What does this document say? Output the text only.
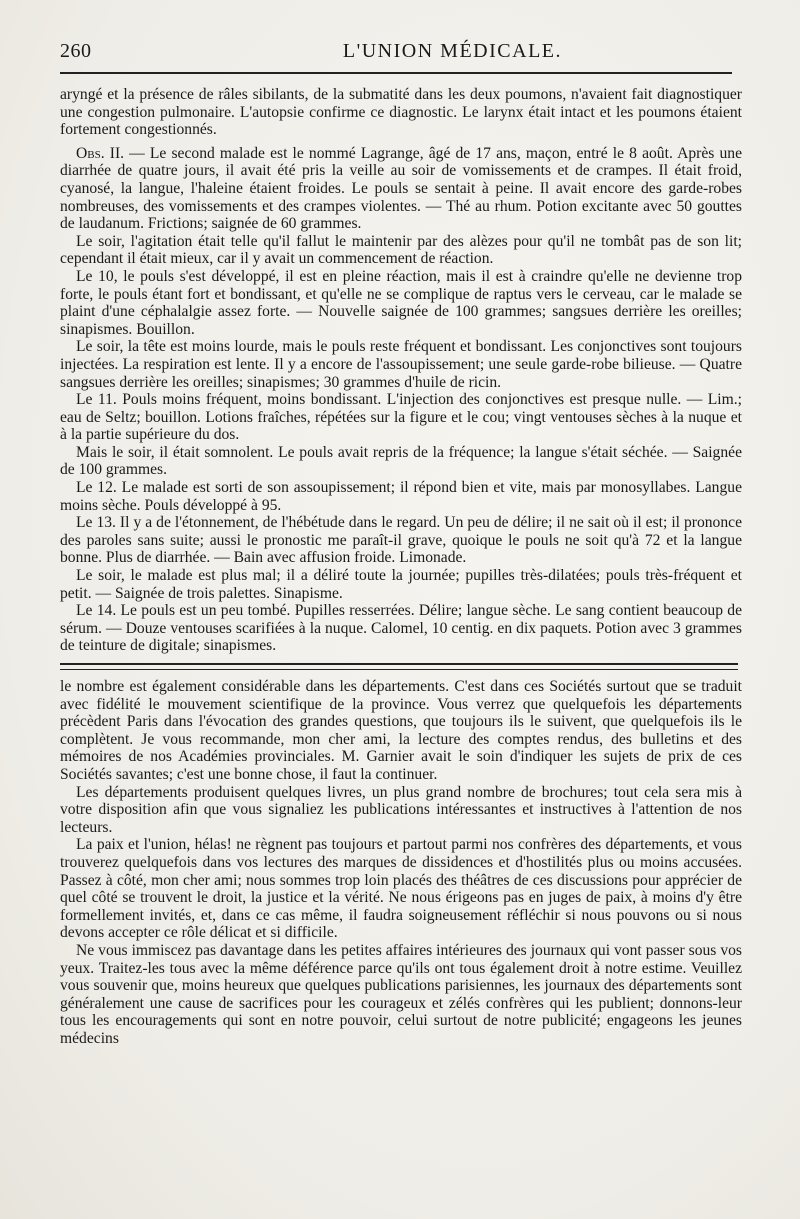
260	L'UNION MÉDICALE.

aryngé et la présence de râles sibilants, de la submatité dans les deux poumons, n'avaient fait diagnostiquer une congestion pulmonaire. L'autopsie confirme ce diagnostic. Le larynx était intact et les poumons étaient fortement congestionnés.

Obs. II. — Le second malade est le nommé Lagrange, âgé de 17 ans, maçon, entré le 8 août. Après une diarrhée de quatre jours, il avait été pris la veille au soir de vomissements et de crampes. Il était froid, cyanosé, la langue, l'haleine étaient froides. Le pouls se sentait à peine. Il avait encore des garde-robes nombreuses, des vomissements et des crampes violentes. — Thé au rhum. Potion excitante avec 50 gouttes de laudanum. Frictions; saignée de 60 grammes.

Le soir, l'agitation était telle qu'il fallut le maintenir par des alèzes pour qu'il ne tombât pas de son lit; cependant il était mieux, car il y avait un commencement de réaction.

Le 10, le pouls s'est développé, il est en pleine réaction, mais il est à craindre qu'elle ne devienne trop forte, le pouls étant fort et bondissant, et qu'elle ne se complique de raptus vers le cerveau, car le malade se plaint d'une céphalalgie assez forte. — Nouvelle saignée de 100 grammes; sangsues derrière les oreilles; sinapismes. Bouillon.

Le soir, la tête est moins lourde, mais le pouls reste fréquent et bondissant. Les conjonctives sont toujours injectées. La respiration est lente. Il y a encore de l'assoupissement; une seule garde-robe bilieuse. — Quatre sangsues derrière les oreilles; sinapismes; 30 grammes d'huile de ricin.

Le 11. Pouls moins fréquent, moins bondissant. L'injection des conjonctives est presque nulle. — Lim.; eau de Seltz; bouillon. Lotions fraîches, répétées sur la figure et le cou; vingt ventouses sèches à la nuque et à la partie supérieure du dos.

Mais le soir, il était somnolent. Le pouls avait repris de la fréquence; la langue s'était séchée. — Saignée de 100 grammes.

Le 12. Le malade est sorti de son assoupissement; il répond bien et vite, mais par monosyllabes. Langue moins sèche. Pouls développé à 95.

Le 13. Il y a de l'étonnement, de l'hébétude dans le regard. Un peu de délire; il ne sait où il est; il prononce des paroles sans suite; aussi le pronostic me paraît-il grave, quoique le pouls ne soit qu'à 72 et la langue bonne. Plus de diarrhée. — Bain avec affusion froide. Limonade.

Le soir, le malade est plus mal; il a déliré toute la journée; pupilles très-dilatées; pouls très-fréquent et petit. — Saignée de trois palettes. Sinapisme.

Le 14. Le pouls est un peu tombé. Pupilles resserrées. Délire; langue sèche. Le sang contient beaucoup de sérum. — Douze ventouses scarifiées à la nuque. Calomel, 10 centig. en dix paquets. Potion avec 3 grammes de teinture de digitale; sinapismes.

le nombre est également considérable dans les départements. C'est dans ces Sociétés surtout que se traduit avec fidélité le mouvement scientifique de la province. Vous verrez que quelquefois les départements précèdent Paris dans l'évocation des grandes questions, que toujours ils le suivent, que quelquefois ils le complètent. Je vous recommande, mon cher ami, la lecture des comptes rendus, des bulletins et des mémoires de nos Académies provinciales. M. Garnier avait le soin d'indiquer les sujets de prix de ces Sociétés savantes; c'est une bonne chose, il faut la continuer.

Les départements produisent quelques livres, un plus grand nombre de brochures; tout cela sera mis à votre disposition afin que vous signaliez les publications intéressantes et instructives à l'attention de nos lecteurs.

La paix et l'union, hélas! ne règnent pas toujours et partout parmi nos confrères des départements, et vous trouverez quelquefois dans vos lectures des marques de dissidences et d'hostilités plus ou moins accusées. Passez à côté, mon cher ami; nous sommes trop loin placés des théâtres de ces discussions pour apprécier de quel côté se trouvent le droit, la justice et la vérité. Ne nous érigeons pas en juges de paix, à moins d'y être formellement invités, et, dans ce cas même, il faudra soigneusement réfléchir si nous pouvons ou si nous devons accepter ce rôle délicat et si difficile.

Ne vous immiscez pas davantage dans les petites affaires intérieures des journaux qui vont passer sous vos yeux. Traitez-les tous avec la même déférence parce qu'ils ont tous également droit à notre estime. Veuillez vous souvenir que, moins heureux que quelques publications parisiennes, les journaux des départements sont généralement une cause de sacrifices pour les courageux et zélés confrères qui les publient; donnons-leur tous les encouragements qui sont en notre pouvoir, celui surtout de notre publicité; engageons les jeunes médecins
